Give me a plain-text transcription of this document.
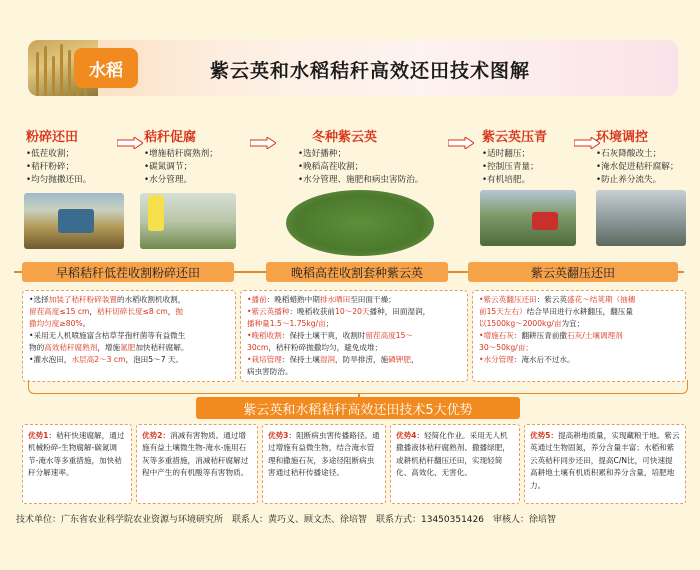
水稻	紫云英和水稻秸秆高效还田技术图解
粉碎还田
•低茬收割；
•秸秆粉碎；
•均匀抛撒还田。
秸秆促腐
•增施秸秆腐熟剂；
•碳氮调节；
•水分管理。
冬种紫云英
•选好播种；
•晚稻高茬收割；
•水分管理、施肥和病虫害防治。
紫云英压青
•适时翻压；
•控制压青量；
•有机培肥。
环境调控
•石灰降酸改土；
•淹水促进秸秆腐解；
•防止养分流失。
早稻秸秆低茬收割粉碎还田	晚稻高茬收割套种紫云英	紫云英翻压还田

•选择加装了秸秆粉碎装置的水稻收割机收割，

留茬高度≤15 cm，秸秆切碎长度≤8 cm，抛

撒均匀度≥80%。

•采用无人机喷施富含枯草芽孢杆菌等有益微生

物的高效秸秆腐熟剂，增施氮肥加快秸秆腐解。

•灌水泡田，水层高2～3 cm，泡田5～7 天。

•播前：晚稻蜡熟中期排水晒田至田面干燥；

•紫云英播种：晚稻收获前10～20天播种，田面湿润，

播种量1.5～1.75kg/亩；

•晚稻收割：保持土壤干爽，收割时留茬高度15～

30cm，秸秆粉碎抛撒均匀，避免成堆；

•栽培管理：保持土壤湿润，防旱排涝，施磷钾肥，

病虫害防治。

•紫云英翻压还田：紫云英盛花～结荚期（抽穗

前15天左右）结合旱田进行水耕翻压，翻压量

以1500kg～2000kg/亩为宜；

•增施石灰：翻耕压青前撒石灰/土壤调理剂

30～50kg/亩；

•水分管理：淹水后不过水。

紫云英和水稻秸秆高效还田技术5大优势
优势1：秸秆快速腐解，通过机械粉碎-生物腐解-碳氮调节-淹水等多重措施，加快秸秆分解速率。
优势2：消减有害物质。通过增施有益土壤微生物-淹水-施用石灰等多重措施，消减秸秆腐解过程中产生的有机酸等有害物质。
优势3：阻断病虫害传播路径。通过增施有益微生物，结合淹水管理和撒施石灰，多途径阻断病虫害通过秸秆传播途径。
优势4：轻简化作业。采用无人机撒播液体秸秆腐熟剂、撒播绿肥，或耕机秸秆翻压还田，实现轻简化、高效化、无害化。
优势5：提高耕地质量，实现藏粮于地。紫云英通过生物固氮，养分含量丰富；水稻和紫云英秸秆同步还田，提高C/N比，可快速提高耕地土壤有机质积累和养分含量，培肥地力。
技术单位：广东省农业科学院农业资源与环境研究所　联系人：黄巧义、顾文杰、徐培智　联系方式：13450351426　审核人：徐培智
